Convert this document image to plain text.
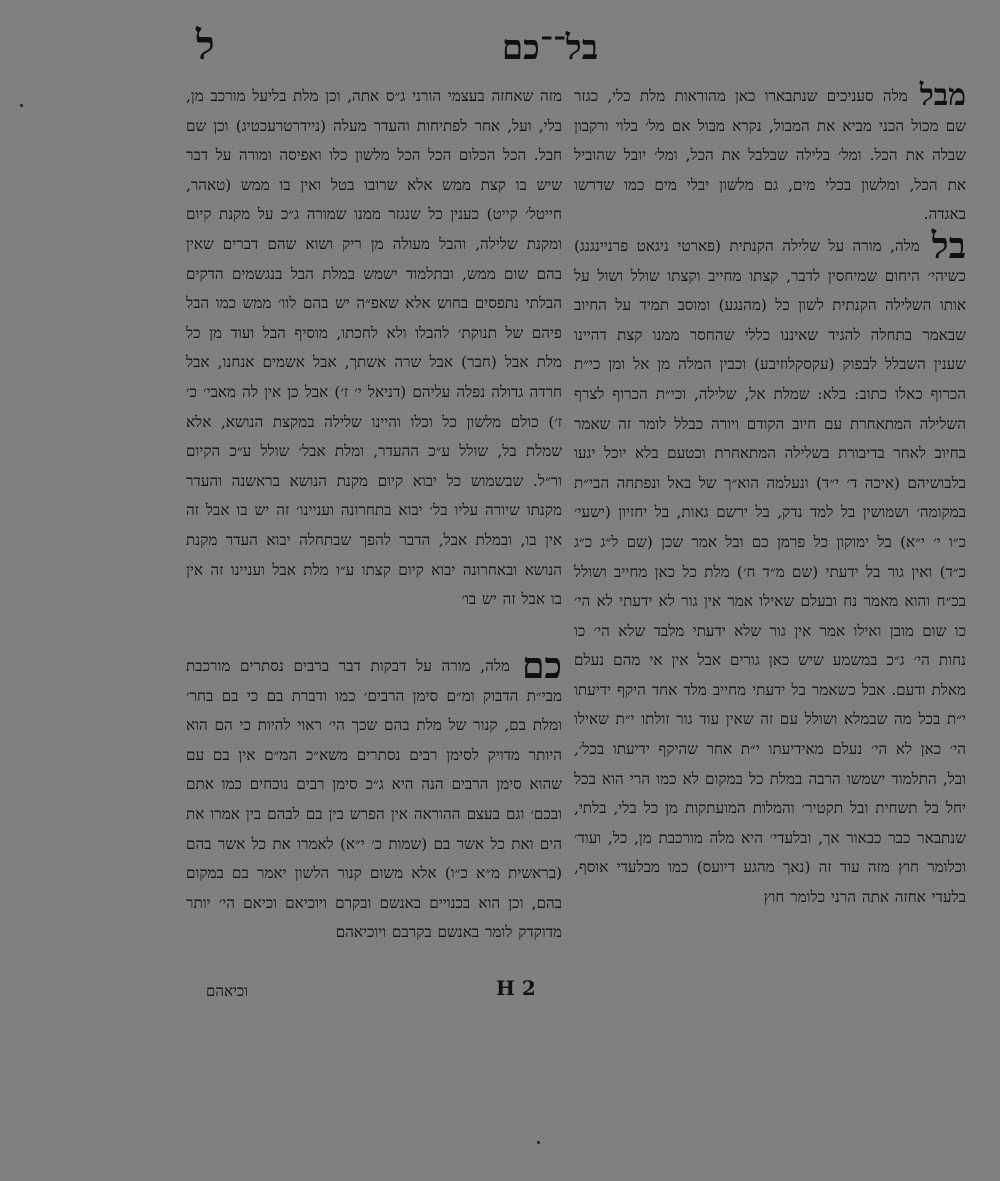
בל־־כם
ל

מבל
מלה סעניכים שנתבארו כאן מהוראות מלת כלי, כגזר שם מכול הכני מביא את המבול, נקרא מבול אם מל׳ בלוי ורקבון שבלה את הכל. ומל׳ בלילה שבלבל את הכל, ומל׳ יובל שהוביל את הכל, ומלשון בכלי מים, גם מלשון יבלי מים כמו שדרשו באגדה.

בל
מלה, מורה על שלילה הקנתית (פארטי ניגאט פרניינגנג) כשיהי׳ היחום שמיחסין לדבר, קצתו מחייב וקצתו שולל ושול על אותו השלילה הקנתית לשון כל (מהנגע) ומוסב תמיד על החיוב שבאמר בתחלה להגיד שאיננו כללי שהחסר ממנו קצת דהיינו שענין השבלל לבפוק (עקסקלוזיבע) וכבין המלה מן אל ומן כי״ת הכרוף כאלו כתוב: בלא: שמלת אל, שלילה, וכי״ת הכרוף לצרף השלילה המתאחרת עם חיוב הקודם ויורה כבלל לומר זה שאמר בחיוב לאחר בדיבורת בשלילה המתאחרת וכטעם בלא יוכל יגעו בלבושיהם (איכה ד׳ י״ד) ונעלמה הוא״ך של באל ונפתחה הבי״ת במקומה׳ ושמושין בל למד נדק, בל ירשם גאות, בל יחזיון (ישעי׳ כ״ו י׳ י״א) בל ימוקון כל פרמן כם ובל אמר שכן (שם ל״ג כ״ג כ״ד) ואין גור בל ידעתי (שם מ״ד ח׳) מלת כל כאן מחייב ושולל בכ״ח והוא מאמר נח ובעלם שאילו אמר אין גור לא ידעתי לא הי׳ כו שום מובן ואילו אמר אין גור שלא ידעתי מלבד שלא הי׳ כו נחות הי׳ ג״כ במשמע שיש כאן גורים אבל אין אי מהם נעלם מאלת ודעם. אבל כשאמר בל ידעתי מחייב מלד אחד היקף ידיעתו י״ת בכל מה שבמלא ושולל עם זה שאין עוד גור זולתו י״ת שאילו הי׳ כאן לא הי׳ נעלם מאידיעתו י״ת אחר שהיקף ידיעתו בכל׳, ובל, התלמוד ישמשו הרבה במלת כל במקום לא כמו הרי הוא בכל יחל בל תשחית ובל תקטיר׳ והמלות המועתקות מן כל בלי, בלתי, שנתבאר כבר כבאור אך, ובלעדי׳ היא מלה מורכבת מן, כל, ועוד׳ וכלומר חוץ מזה עוד זה (נאך מהגע דיועס) כמו מבלעדי אוסף, בלעדי אחזה אתה הרני כלומר חוץ

מזה שאחזה בעצמי הורני ג״ס אתה, וכן מלת בליעל מורכב מן, בלי, ועל, אחר לפתיחות והעדר מעלה (ניידרטרעכטיג) וכן שם חבל. הכל הכלום הכל הכל מלשון כלו ואפיסה ומורה על דבר שיש בו קצת ממש אלא שרובו בטל ואין בו ממש (טאהר, חייטל׳ קייט) כענין כל שנגזר ממנו שמורה ג״כ על מקנת קיום ומקנת שלילה, והבל מעולה מן ריק ושוא שהם דברים שאין בהם שום ממש, ובתלמוד ישמש במלת הבל בנגשמים הדקים הבלתי נתפסים בחוש אלא שאפ״ה יש בהם לוו׳ ממש כמו הבל פיהם של תנוקת׳ להבלו ולא לחכתו, מוסיף הבל ועוד מן כל מלת אבל (חבר) אבל שרה אשתך, אבל אשמים אנחנו, אבל חרדה גדולה נפלה עליהם (דניאל י׳ ז׳) אבל כן אין לה מאבי׳ כ׳ ז׳) כולם מלשון כל וכלו והיינו שלילה במקצת הנושא, אלא שמלת בל, שולל ע״כ ההעדר, ומלת אבל׳ שולל ע״כ הקיום ור״ל. שבשמוש כל יבוא קיום מקנת הנושא בראשנה והעדר מקנתו שיורה עליו בל׳ יבוא בתחרונה ועניינו׳ זה יש בו אבל זה אין בו, ובמלת אבל, הדבר להפך שבתחלה יבוא העדר מקנת הנושא ובאחרונה יבוא קיום קצתו ע״ו מלת אבל ועניינו זה אין בו אבל זה יש בו׳

כם
מלה, מורה על דבקות דבר ברבים נסתרים מורכבת מבי״ת הדבוק ומ״ם סימן הרבים׳ כמו ודברת בם כי בם בחר׳ ומלת בם, קנור של מלת בהם שכך הי׳ ראוי להיות כי הם הוא היותר מדויק לסימן רבים נסתרים משא״כ המ״ם אין בם עם שהוא סימן הרבים הנה היא ג״כ סימן רבים נוכחים כמו אתם ובכם׳ וגם בעצם ההוראה אין הפרש בין בם לבהם בין אמרו את הים ואת כל אשר בם (שמות כ׳ י״א) לאמרו את כל אשר בהם (בראשית מ״א כ״ו) אלא משום קנור הלשון יאמר בם במקום בהם, וכן הוא בכנויים באנשם ובקרם ויוכיאם וכיאם הי׳ יותר מדוקדק לומר באנשם בקרבם ויוכיאהם

H 2
וכיאהם
